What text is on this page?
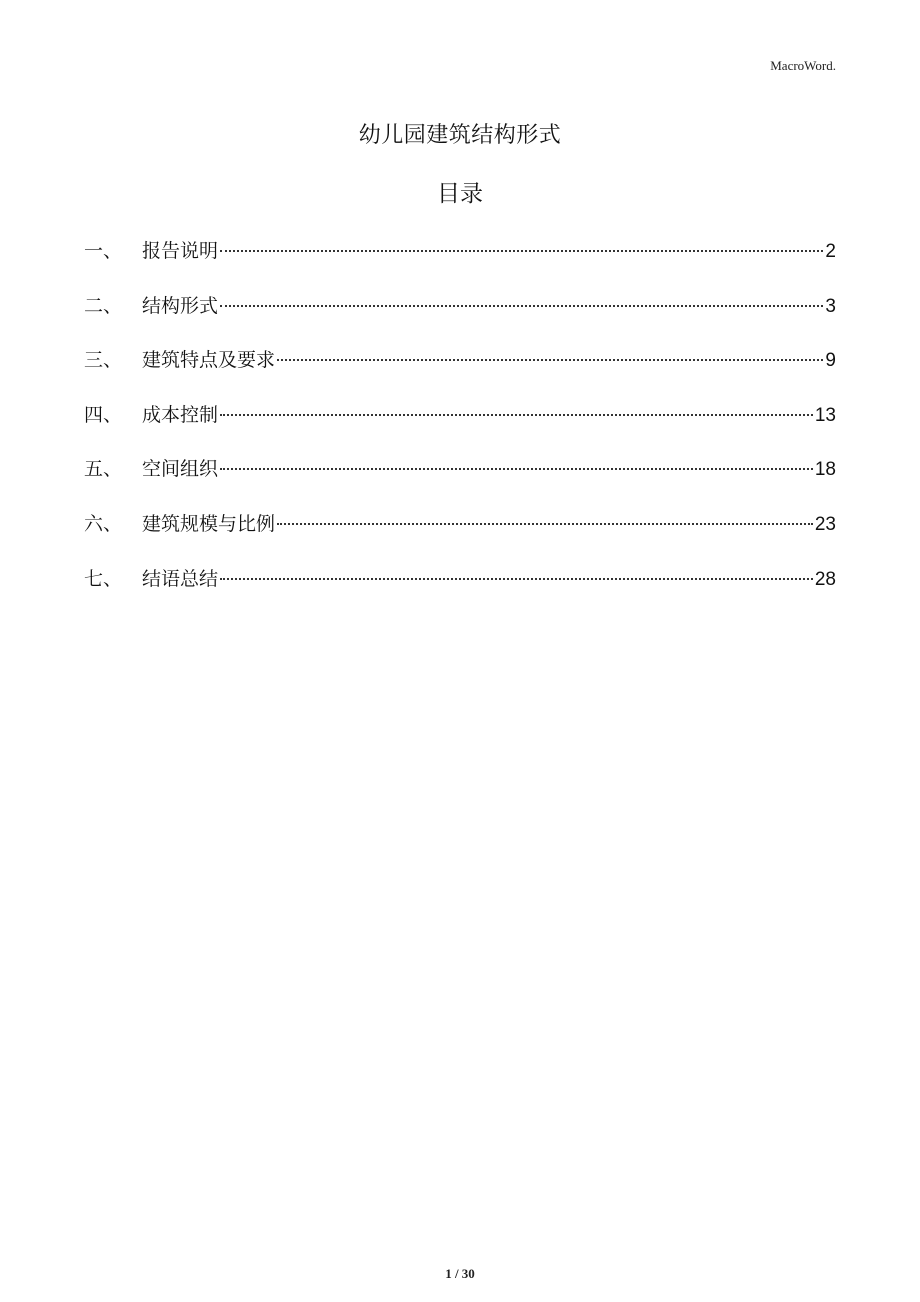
MacroWord.
幼儿园建筑结构形式
目录
一、	报告说明	2
二、	结构形式	3
三、	建筑特点及要求	9
四、	成本控制	13
五、	空间组织	18
六、	建筑规模与比例	23
七、	结语总结	28
1 / 30
